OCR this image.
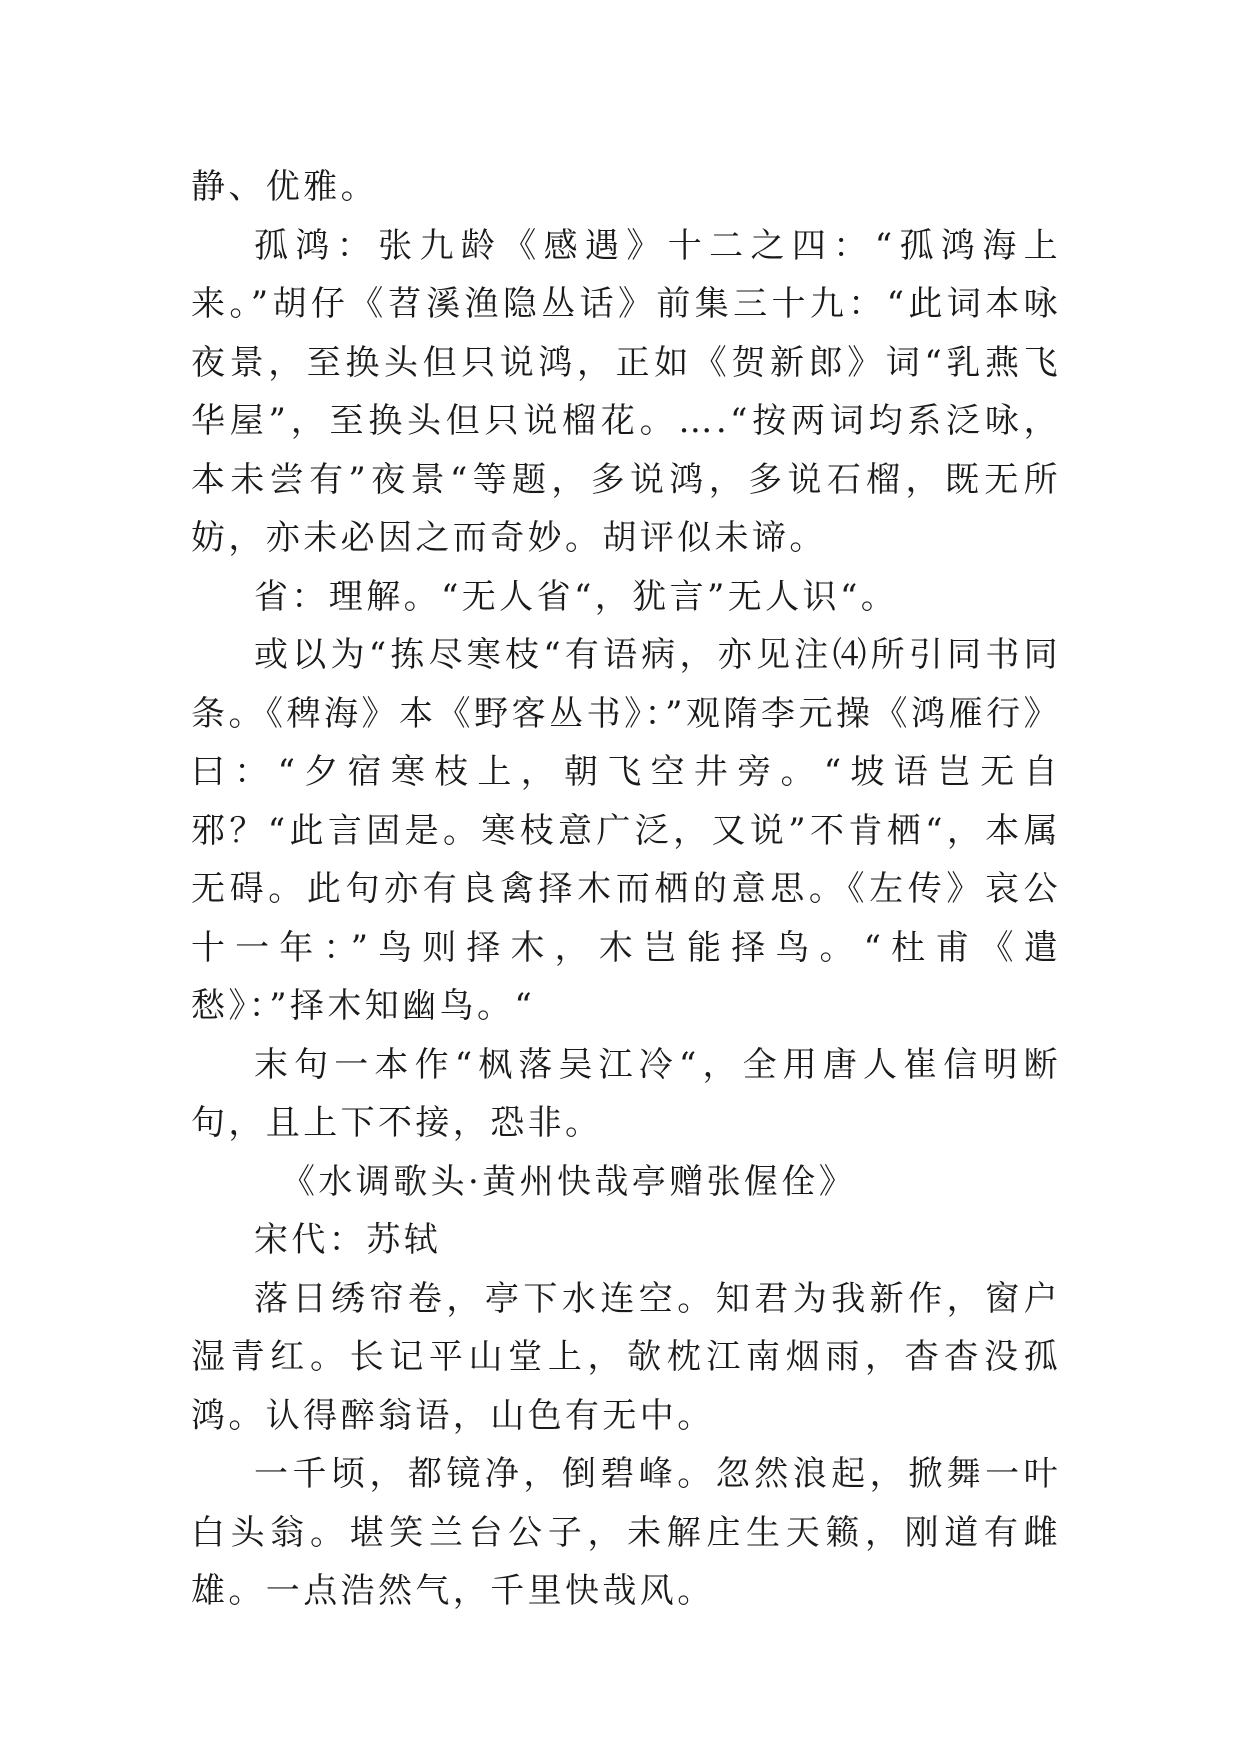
静、优雅。

孤鸿：张九龄《感遇》十二之四：“孤鸿海上来。”胡仔《苕溪渔隐丛话》前集三十九：“此词本咏夜景，至换头但只说鸿，正如《贺新郎》词“乳燕飞华屋”，至换头但只说榴花。….“按两词均系泛咏，本未尝有”夜景“等题，多说鸿，多说石榴，既无所妨，亦未必因之而奇妙。胡评似未谛。

省：理解。“无人省“，犹言”无人识“。

或以为“拣尽寒枝“有语病，亦见注⑷所引同书同条。《稗海》本《野客丛书》：”观隋李元操《鸿雁行》曰：“夕宿寒枝上，朝飞空井旁。“坡语岂无自邪？“此言固是。寒枝意广泛，又说”不肯栖“，本属无碍。此句亦有良禽择木而栖的意思。《左传》哀公十一年：”鸟则择木，木岂能择鸟。“杜甫《遣愁》：”择木知幽鸟。“

末句一本作“枫落吴江冷“，全用唐人崔信明断句，且上下不接，恐非。

《水调歌头·黄州快哉亭赠张偓佺》

宋代：苏轼

落日绣帘卷，亭下水连空。知君为我新作，窗户湿青红。长记平山堂上，欹枕江南烟雨，杳杳没孤鸿。认得醉翁语，山色有无中。

一千顷，都镜净，倒碧峰。忽然浪起，掀舞一叶白头翁。堪笑兰台公子，未解庄生天籁，刚道有雌雄。一点浩然气，千里快哉风。
